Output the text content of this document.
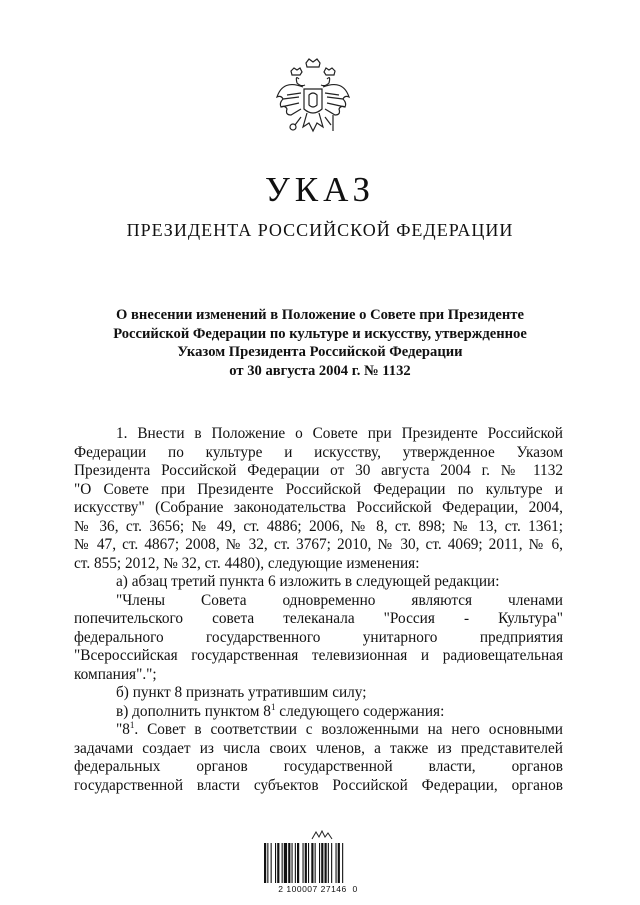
УКАЗ
ПРЕЗИДЕНТА РОССИЙСКОЙ ФЕДЕРАЦИИ
О внесении изменений в Положение о Совете при Президенте
Российской Федерации по культуре и искусству, утвержденное
Указом Президента Российской Федерации
от 30 августа 2004 г. № 1132
1. Внести в Положение о Совете при Президенте Российской
Федерации по культуре и искусству, утвержденное Указом
Президента Российской Федерации от 30 августа 2004 г. № 1132
"О Совете при Президенте Российской Федерации по культуре и
искусству" (Собрание законодательства Российской Федерации, 2004,
№ 36, ст. 3656; № 49, ст. 4886; 2006, № 8, ст. 898; № 13, ст. 1361;
№ 47, ст. 4867; 2008, № 32, ст. 3767; 2010, № 30, ст. 4069; 2011, № 6,
ст. 855; 2012, № 32, ст. 4480), следующие изменения:
а) абзац третий пункта 6 изложить в следующей редакции:
"Члены Совета одновременно являются членами
попечительского совета телеканала "Россия - Культура"
федерального государственного унитарного предприятия
"Всероссийская государственная телевизионная и радиовещательная
компания".";
б) пункт 8 признать утратившим силу;
в) дополнить пунктом $8^1$ следующего содержания:
"$8^1$. Совет в соответствии с возложенными на него основными
задачами создает из числа своих членов, а также из представителей
федеральных органов государственной власти, органов
государственной власти субъектов Российской Федерации, органов
2 100007 27146  0
